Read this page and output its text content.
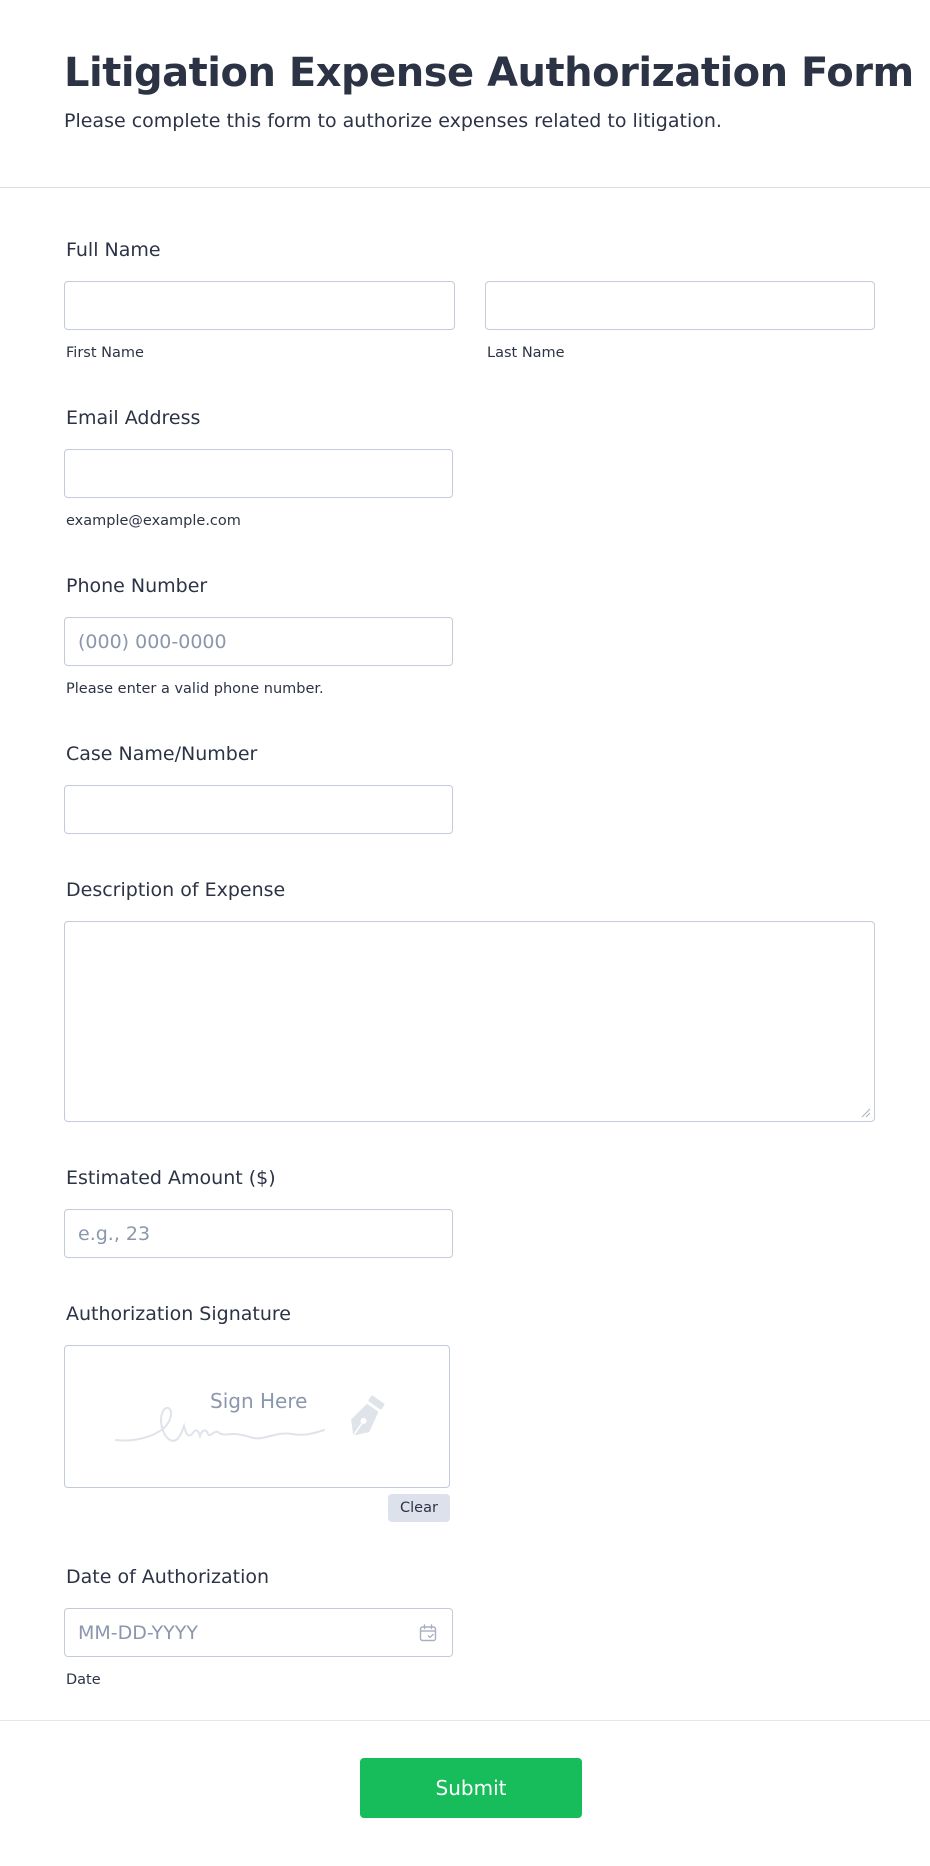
Litigation Expense Authorization Form
Please complete this form to authorize expenses related to litigation.
Full Name
First Name	Last Name
Email Address
example@example.com
Phone Number
(000) 000-0000
Please enter a valid phone number.
Case Name/Number
Description of Expense
Estimated Amount ($)
e.g., 23
Authorization Signature
Sign Here
Clear
Date of Authorization
MM-DD-YYYY
Date
Submit
